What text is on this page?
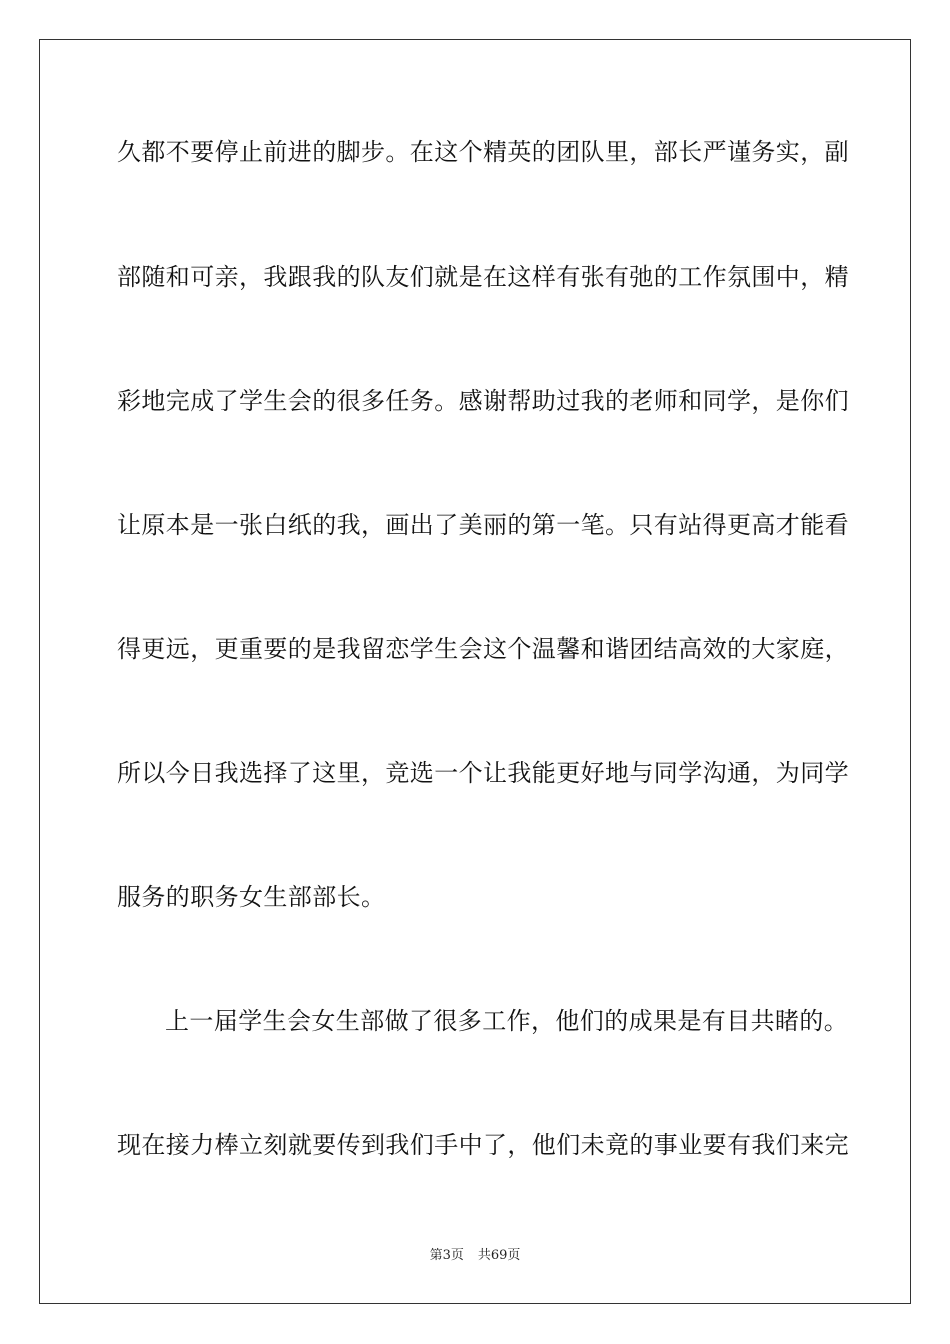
久都不要停止前进的脚步。在这个精英的团队里，部长严谨务实，副
部随和可亲，我跟我的队友们就是在这样有张有弛的工作氛围中，精
彩地完成了学生会的很多任务。感谢帮助过我的老师和同学，是你们
让原本是一张白纸的我，画出了美丽的第一笔。只有站得更高才能看
得更远，更重要的是我留恋学生会这个温馨和谐团结高效的大家庭，
所以今日我选择了这里，竞选一个让我能更好地与同学沟通，为同学
服务的职务女生部部长。
上一届学生会女生部做了很多工作，他们的成果是有目共睹的。
现在接力棒立刻就要传到我们手中了，他们未竟的事业要有我们来完
第3页 共69页
